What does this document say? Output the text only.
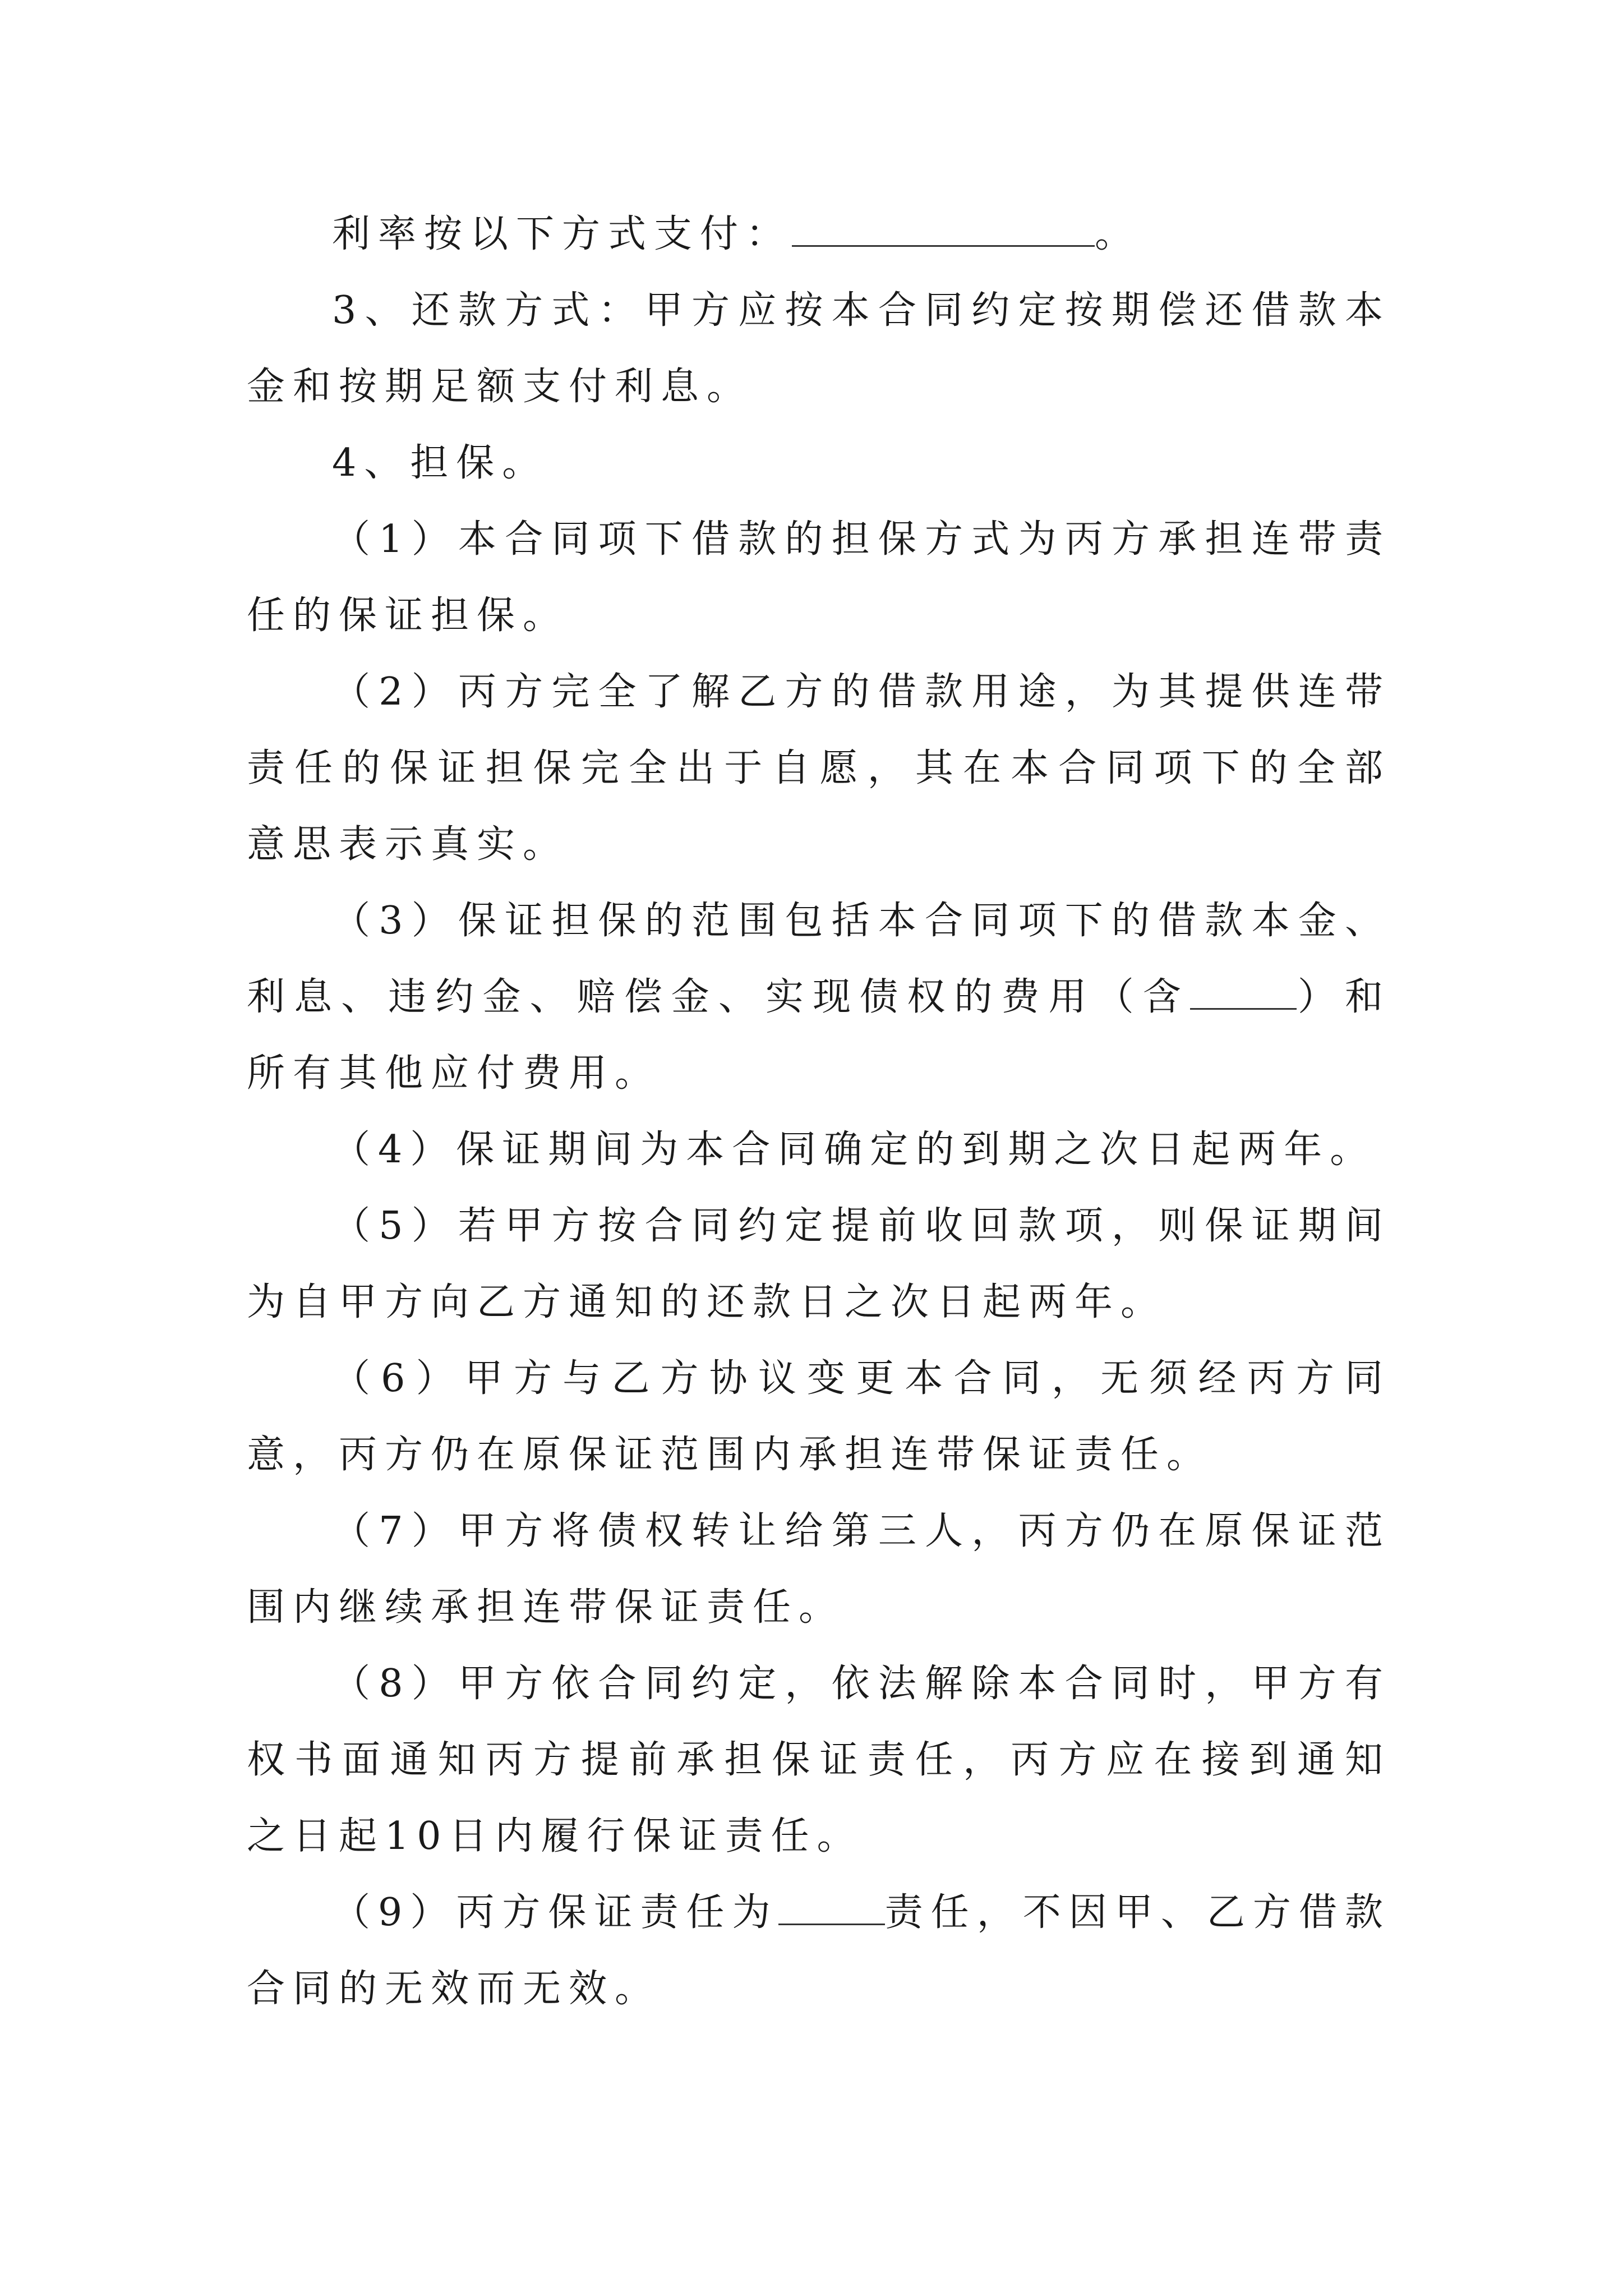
利率按以下方式支付：	。

3、还款方式：甲方应按本合同约定按期偿还借款本金和按期足额支付利息。

4、担保。

（1）本合同项下借款的担保方式为丙方承担连带责任的保证担保。

（2）丙方完全了解乙方的借款用途，为其提供连带责任的保证担保完全出于自愿，其在本合同项下的全部意思表示真实。

（3）保证担保的范围包括本合同项下的借款本金、利息、违约金、赔偿金、实现债权的费用（含	）和所有其他应付费用。

（4）保证期间为本合同确定的到期之次日起两年。

（5）若甲方按合同约定提前收回款项，则保证期间为自甲方向乙方通知的还款日之次日起两年。

（6）甲方与乙方协议变更本合同，无须经丙方同意，丙方仍在原保证范围内承担连带保证责任。

（7）甲方将债权转让给第三人，丙方仍在原保证范围内继续承担连带保证责任。

（8）甲方依合同约定，依法解除本合同时，甲方有权书面通知丙方提前承担保证责任，丙方应在接到通知之日起10日内履行保证责任。

（9）丙方保证责任为	责任，不因甲、乙方借款合同的无效而无效。
